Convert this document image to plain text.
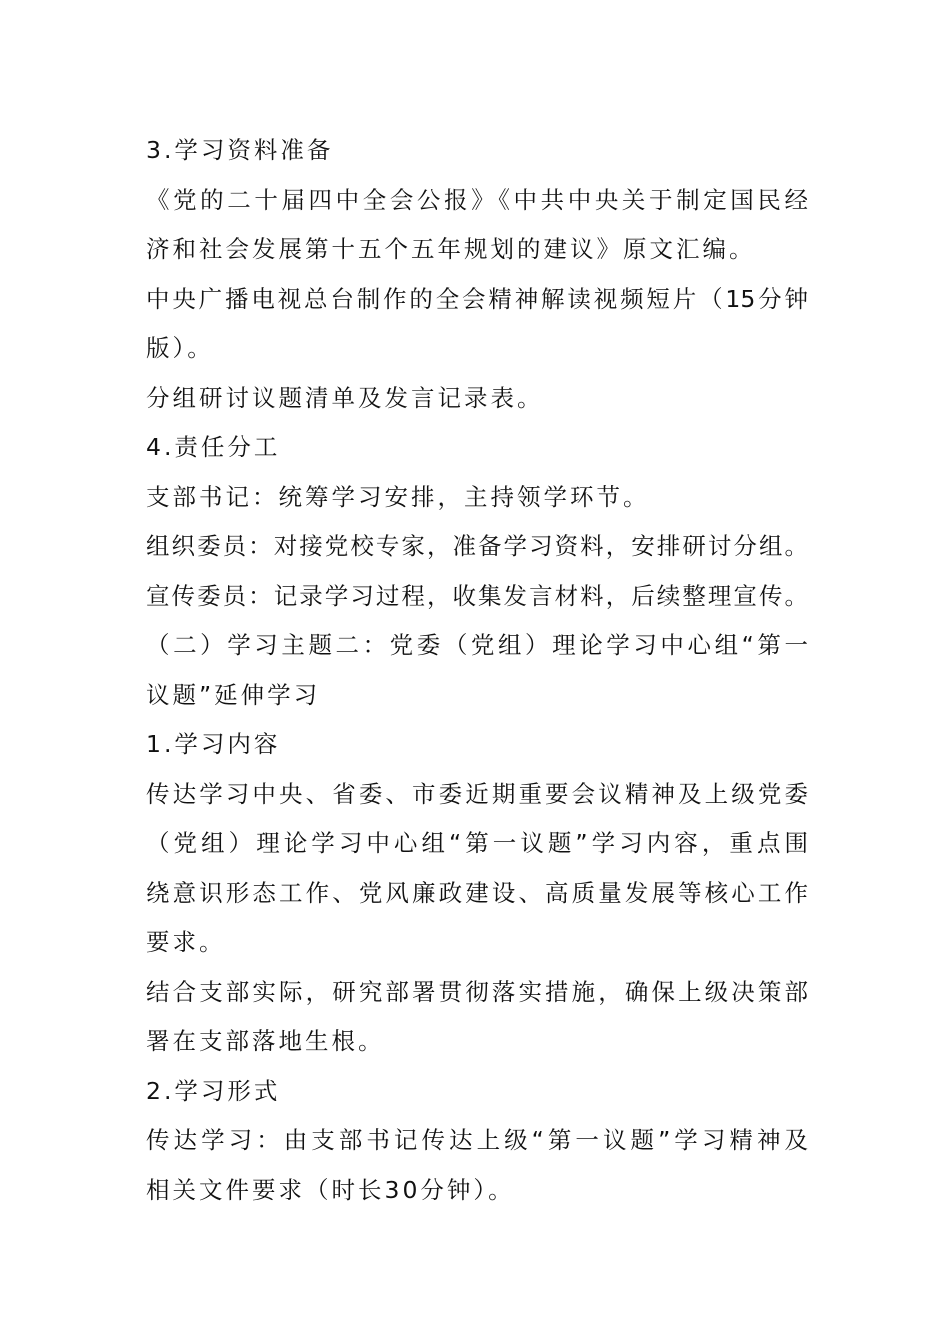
3.学习资料准备
《党的二十届四中全会公报》《中共中央关于制定国民经
济和社会发展第十五个五年规划的建议》原文汇编。
中央广播电视总台制作的全会精神解读视频短片（15分钟
版）。
分组研讨议题清单及发言记录表。
4.责任分工
支部书记：统筹学习安排，主持领学环节。
组织委员：对接党校专家，准备学习资料，安排研讨分组。
宣传委员：记录学习过程，收集发言材料，后续整理宣传。
（二）学习主题二：党委（党组）理论学习中心组“第一
议题”延伸学习
1.学习内容
传达学习中央、省委、市委近期重要会议精神及上级党委
（党组）理论学习中心组“第一议题”学习内容，重点围
绕意识形态工作、党风廉政建设、高质量发展等核心工作
要求。
结合支部实际，研究部署贯彻落实措施，确保上级决策部
署在支部落地生根。
2.学习形式
传达学习：由支部书记传达上级“第一议题”学习精神及
相关文件要求（时长30分钟）。
